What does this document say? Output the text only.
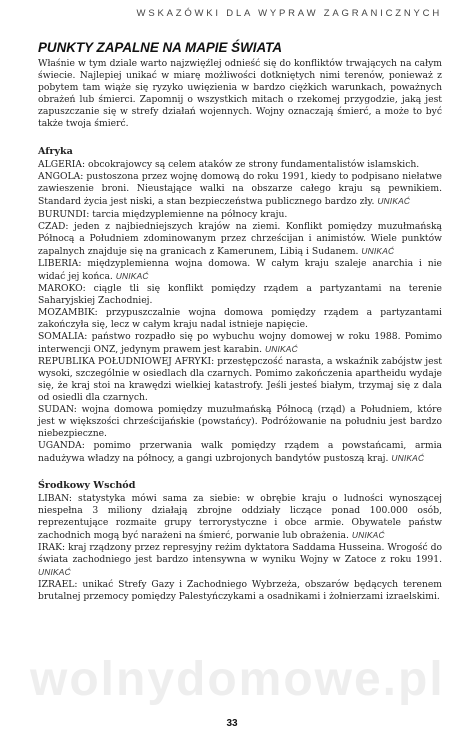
WSKAZÓWKI DLA WYPRAW ZAGRANICZNYCH
PUNKTY ZAPALNE NA MAPIE ŚWIATA

Właśnie w tym dziale warto najzwięźlej odnieść się do konfliktów trwających na całym świecie. Najlepiej unikać w miarę możliwości dotkniętych nimi terenów, ponieważ z pobytem tam wiąże się ryzyko uwięzienia w bardzo ciężkich warunkach, poważnych obrażeń lub śmierci. Zapomnij o wszystkich mitach o rzekomej przygodzie, jaką jest zapuszczanie się w strefy działań wojennych. Wojny oznaczają śmierć, a może to być także twoja śmierć.

Afryka

ALGERIA: obcokrajowcy są celem ataków ze strony fundamentalistów islamskich.

ANGOLA: pustoszona przez wojnę domową do roku 1991, kiedy to podpisano niełatwe zawieszenie broni. Nieustające walki na obszarze całego kraju są pewnikiem. Standard życia jest niski, a stan bezpieczeństwa publicznego bardzo zły. UNIKAĆ

BURUNDI: tarcia międzyplemienne na północy kraju.

CZAD: jeden z najbiedniejszych krajów na ziemi. Konflikt pomiędzy muzułmańską Północą a Południem zdominowanym przez chrześcijan i animistów. Wiele punktów zapalnych znajduje się na granicach z Kamerunem, Libią i Sudanem. UNIKAĆ

LIBERIA: międzyplemienna wojna domowa. W całym kraju szaleje anarchia i nie widać jej końca. UNIKAĆ

MAROKO: ciągle tli się konflikt pomiędzy rządem a partyzantami na terenie Saharyjskiej Zachodniej.

MOZAMBIK: przypuszczalnie wojna domowa pomiędzy rządem a partyzantami zakończyła się, lecz w całym kraju nadal istnieje napięcie.

SOMALIA: państwo rozpadło się po wybuchu wojny domowej w roku 1988. Pomimo interwencji ONZ, jedynym prawem jest karabin. UNIKAĆ

REPUBLIKA POŁUDNIOWEJ AFRYKI: przestępczość narasta, a wskaźnik zabójstw jest wysoki, szczególnie w osiedlach dla czarnych. Pomimo zakończenia apartheidu wydaje się, że kraj stoi na krawędzi wielkiej katastrofy. Jeśli jesteś białym, trzymaj się z dala od osiedli dla czarnych.

SUDAN: wojna domowa pomiędzy muzułmańską Północą (rząd) a Południem, które jest w większości chrześcijańskie (powstańcy). Podróżowanie na południu jest bardzo niebezpieczne.

UGANDA: pomimo przerwania walk pomiędzy rządem a powstańcami, armia nadużywa władzy na północy, a gangi uzbrojonych bandytów pustoszą kraj. UNIKAĆ

Środkowy Wschód

LIBAN: statystyka mówi sama za siebie: w obrębie kraju o ludności wynoszącej niespełna 3 miliony działają zbrojne oddziały liczące ponad 100.000 osób, reprezentujące rozmaite grupy terrorystyczne i obce armie. Obywatele państw zachodnich mogą być narażeni na śmierć, porwanie lub obrażenia. UNIKAĆ

IRAK: kraj rządzony przez represyjny reżim dyktatora Saddama Husseina. Wrogość do świata zachodniego jest bardzo intensywna w wyniku Wojny w Zatoce z roku 1991. UNIKAĆ

IZRAEL: unikać Strefy Gazy i Zachodniego Wybrzeża, obszarów będących terenem brutalnej przemocy pomiędzy Palestyńczykami a osadnikami i żołnierzami izraelskimi.

wolnydomowe.pl
33
